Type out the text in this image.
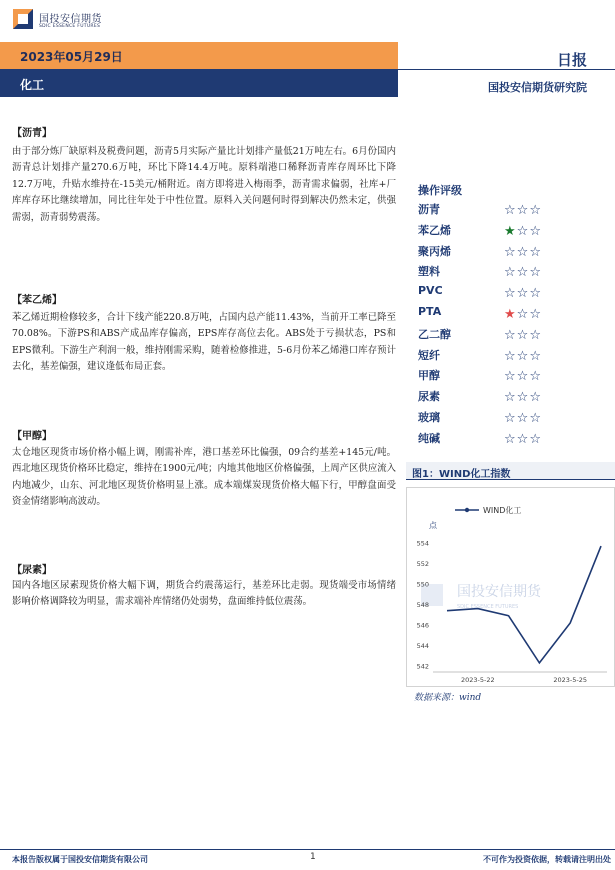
国投安信期货
SDIC ESSENCE FUTURES
2023年05月29日
化工
日报
国投安信期货研究院
【沥青】
由于部分炼厂缺原料及税费问题，沥青5月实际产量比计划排产量低21万吨左右。6月份国内沥青总计划排产量270.6万吨，环比下降14.4万吨。原料端港口稀释沥青库存周环比下降12.7万吨，升贴水维持在-15美元/桶附近。南方即将进入梅雨季，沥青需求偏弱，社库+厂库库存环比继续增加，同比往年处于中性位置。原料入关问题何时得到解决仍然未定，供强需弱，沥青弱势震荡。
【苯乙烯】
苯乙烯近期检修较多，合计下线产能220.8万吨，占国内总产能11.43%，当前开工率已降至70.08%。下游PS和ABS产成品库存偏高，EPS库存高位去化。ABS处于亏损状态，PS和EPS微利。下游生产利润一般，维持刚需采购，随着检修推进，5-6月份苯乙烯港口库存预计去化，基差偏强，建议逢低布局正套。
【甲醇】
太仓地区现货市场价格小幅上调，刚需补库，港口基差环比偏强，09合约基差+145元/吨。西北地区现货价格环比稳定，维持在1900元/吨；内地其他地区价格偏强，上周产区供应流入内地减少，山东、河北地区现货价格明显上涨。成本端煤炭现货价格大幅下行，甲醇盘面受资金情绪影响高波动。
【尿素】
国内各地区尿素现货价格大幅下调，期货合约震荡运行，基差环比走弱。现货端受市场情绪影响价格调降较为明显，需求端补库情绪仍处弱势，盘面维持低位震荡。
操作评级
沥青	☆☆☆
苯乙烯	★☆☆
聚丙烯	☆☆☆
塑料	☆☆☆
PVC	☆☆☆
PTA	★☆☆
乙二醇	☆☆☆
短纤	☆☆☆
甲醇	☆☆☆
尿素	☆☆☆
玻璃	☆☆☆
纯碱	☆☆☆
图1：WIND化工指数
国投安信期货
SDIC ESSENCE FUTURES
WIND化工
点
542
544
546
548
550
552
554
2023-5-22	2023-5-25
数据来源：wind
本报告版权属于国投安信期货有限公司	1	不可作为投资依据，转载请注明出处
